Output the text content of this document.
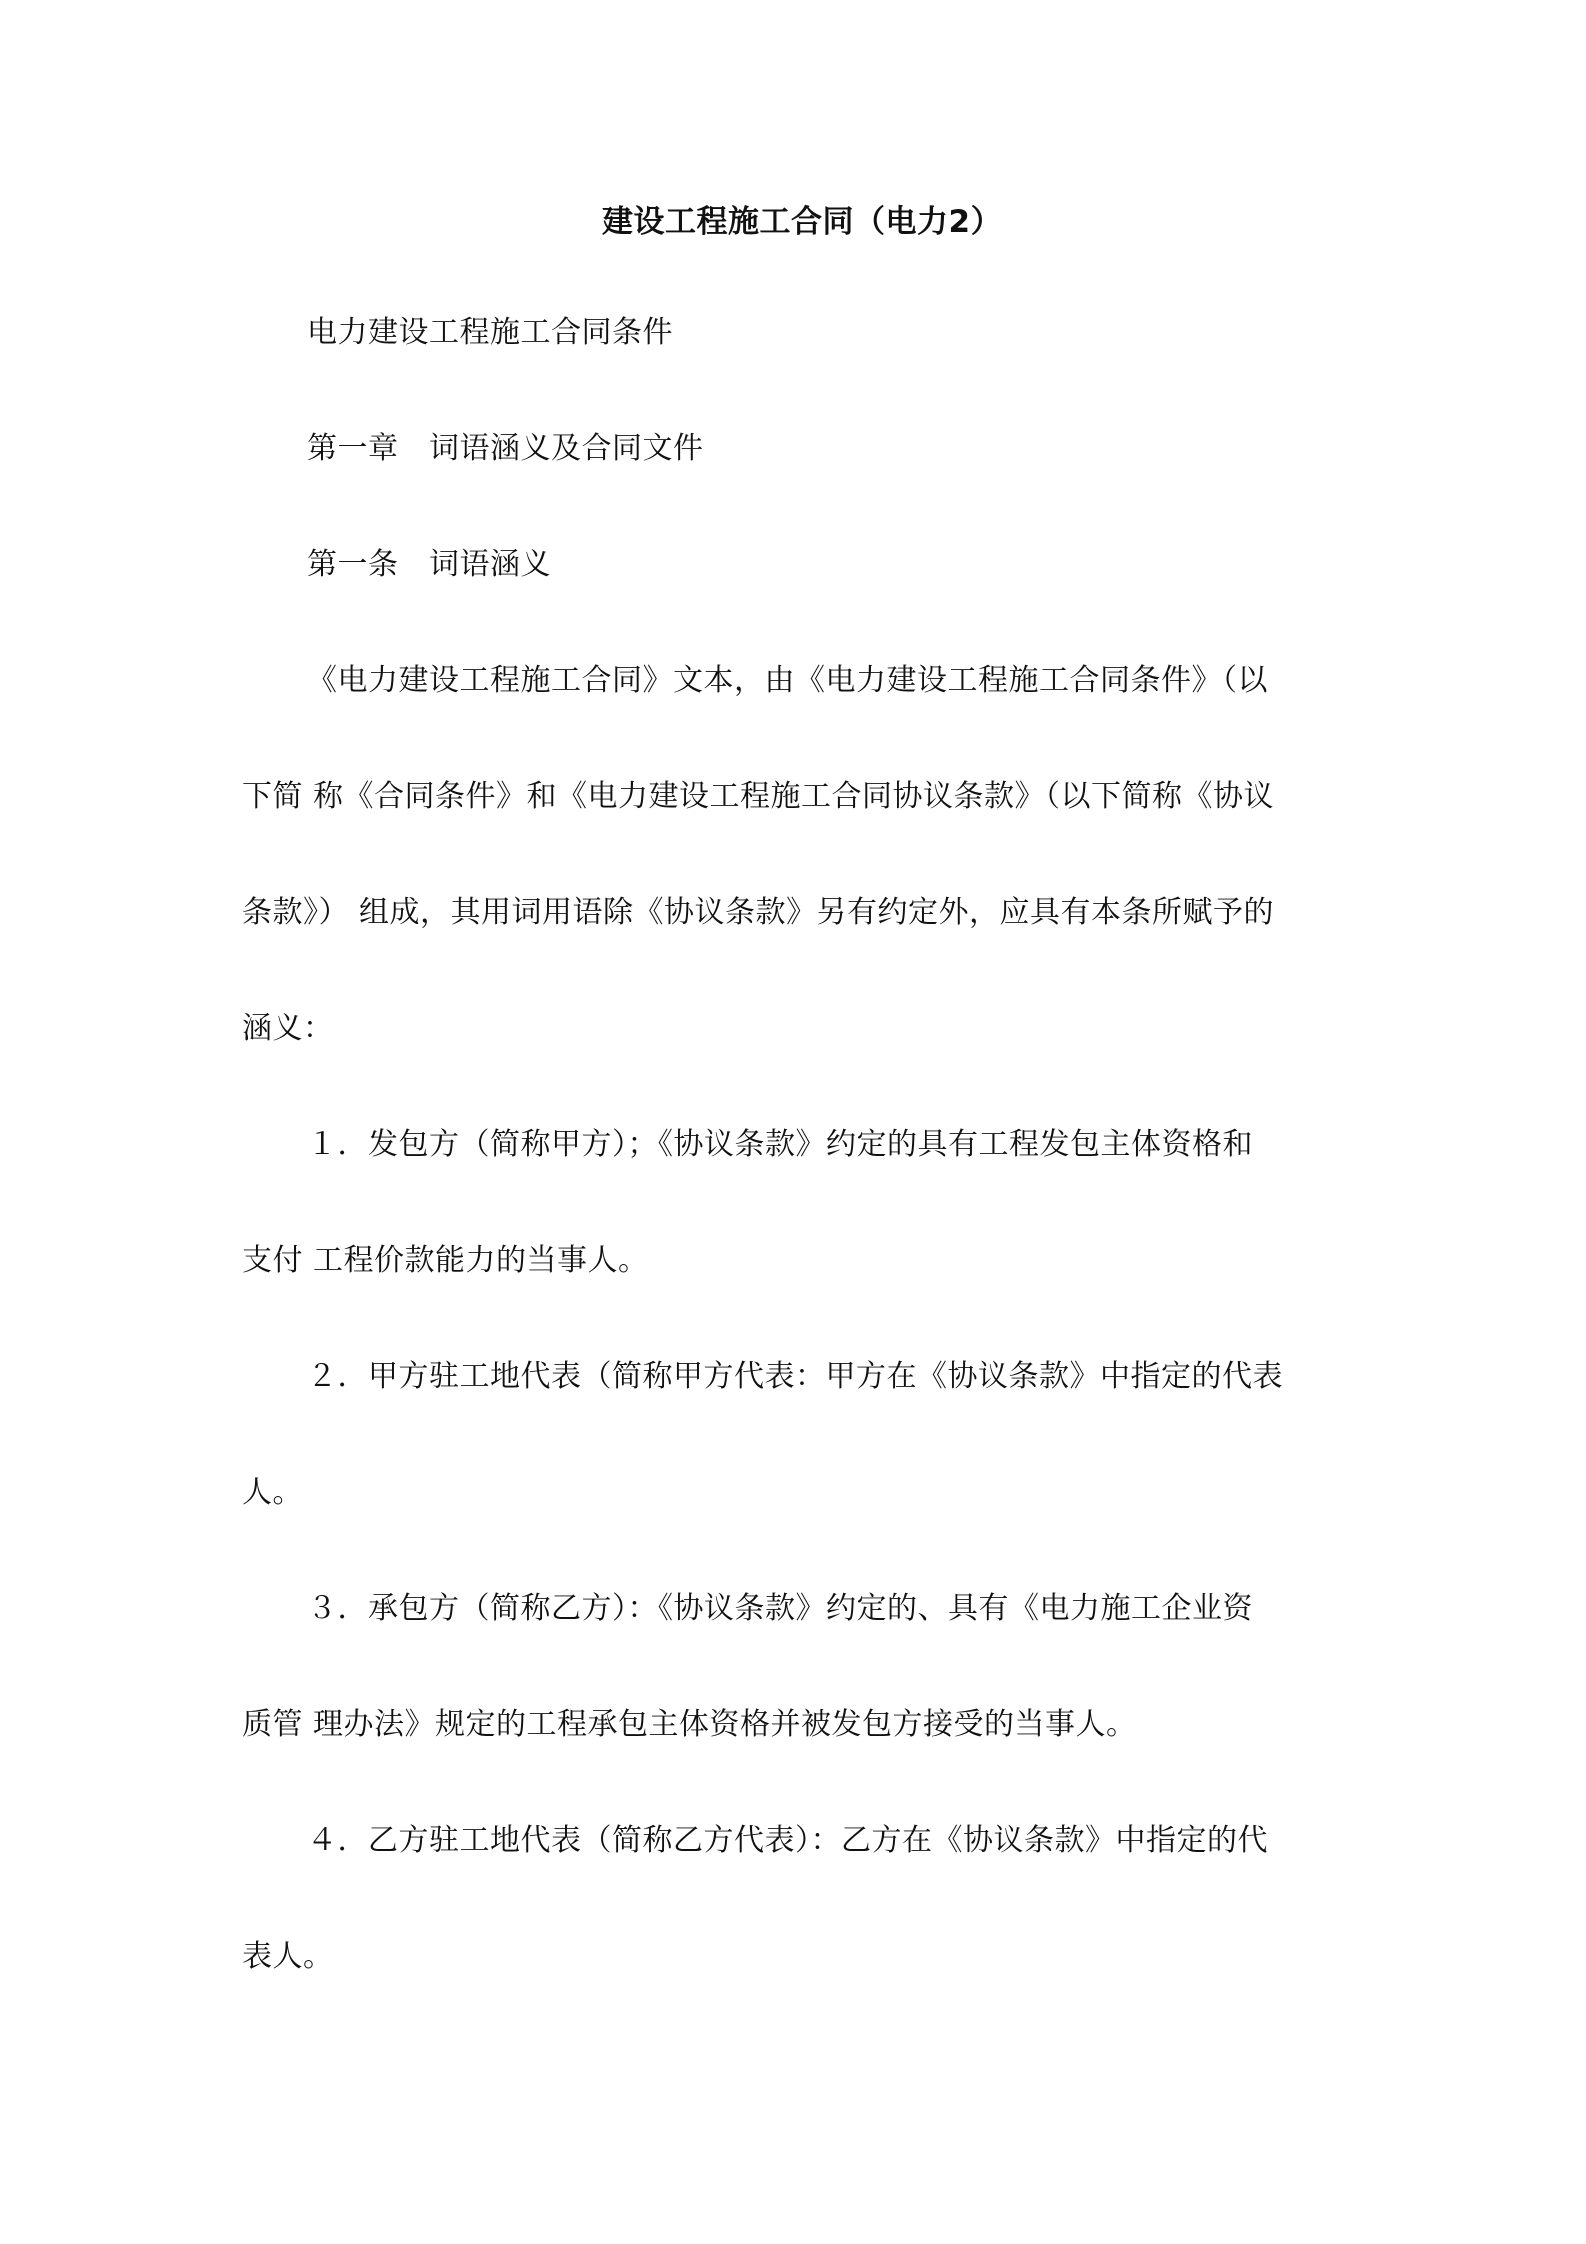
建设工程施工合同（电力2）
电力建设工程施工合同条件
第一章　词语涵义及合同文件
第一条　词语涵义
《电力建设工程施工合同》文本，由《电力建设工程施工合同条件》（以
下简 称《合同条件》和《电力建设工程施工合同协议条款》（以下简称《协议
条款》） 组成，其用词用语除《协议条款》另有约定外，应具有本条所赋予的
涵义：
１．发包方（简称甲方）；《协议条款》约定的具有工程发包主体资格和
支付 工程价款能力的当事人。
２．甲方驻工地代表（简称甲方代表：甲方在《协议条款》中指定的代表
人。
３．承包方（简称乙方）：《协议条款》约定的、具有《电力施工企业资
质管 理办法》规定的工程承包主体资格并被发包方接受的当事人。
４．乙方驻工地代表（简称乙方代表）：乙方在《协议条款》中指定的代
表人。
